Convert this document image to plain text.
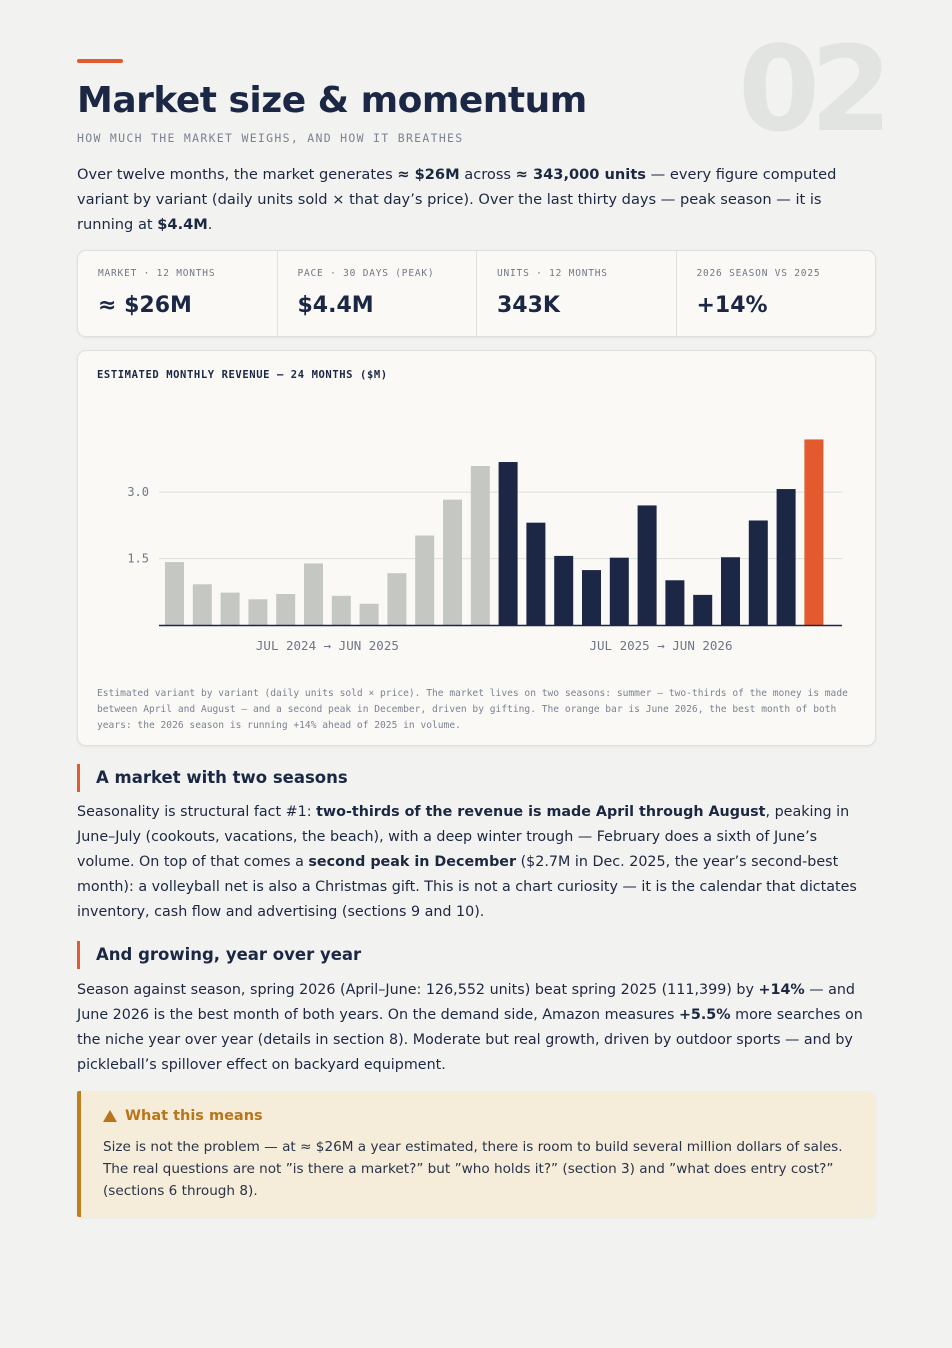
02
Market size & momentum
HOW MUCH THE MARKET WEIGHS, AND HOW IT BREATHES

Over twelve months, the market generates ≈ $26M across ≈ 343,000 units — every figure computed variant by variant (daily units sold × that day’s price). Over the last thirty days — peak season — it is running at $4.4M.

MARKET · 12 MONTHS
≈ $26M
PACE · 30 DAYS (PEAK)
$4.4M
UNITS · 12 MONTHS
343K
2026 SEASON VS 2025
+14%
ESTIMATED MONTHLY REVENUE — 24 MONTHS ($M)
1.5
3.0
JUL 2024 → JUN 2025	JUL 2025 → JUN 2026
Estimated variant by variant (daily units sold × price). The market lives on two seasons: summer — two-thirds of the money is made between April and August — and a second peak in December, driven by gifting. The orange bar is June 2026, the best month of both years: the 2026 season is running +14% ahead of 2025 in volume.
A market with two seasons

Seasonality is structural fact #1: two-thirds of the revenue is made April through August, peaking in June–July (cookouts, vacations, the beach), with a deep winter trough — February does a sixth of June’s volume. On top of that comes a second peak in December ($2.7M in Dec. 2025, the year’s second-best month): a volleyball net is also a Christmas gift. This is not a chart curiosity — it is the calendar that dictates inventory, cash flow and advertising (sections 9 and 10).

And growing, year over year

Season against season, spring 2026 (April–June: 126,552 units) beat spring 2025 (111,399) by +14% — and June 2026 is the best month of both years. On the demand side, Amazon measures +5.5% more searches on the niche year over year (details in section 8). Moderate but real growth, driven by outdoor sports — and by pickleball’s spillover effect on backyard equipment.

What this means
Size is not the problem — at ≈ $26M a year estimated, there is room to build several million dollars of sales. The real questions are not ”is there a market?” but ”who holds it?” (section 3) and ”what does entry cost?” (sections 6 through 8).
